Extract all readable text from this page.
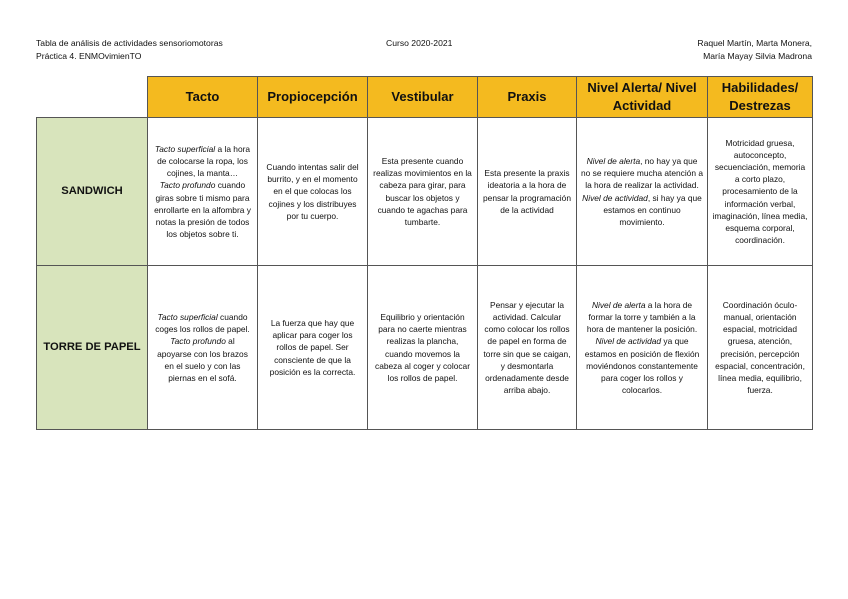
Tabla de análisis de actividades sensoriomotoras
Práctica 4. ENMOvimienTO
Curso 2020-2021	Raquel Martín, Marta Monera,
María Mayay Silvia Madrona
	Tacto	Propiocepción	Vestibular	Praxis	Nivel Alerta/ Nivel Actividad	Habilidades/ Destrezas
SANDWICH	Tacto superficial a la hora de colocarse la ropa, los cojines, la manta…
Tacto profundo cuando giras sobre ti mismo para enrollarte en la alfombra y notas la presión de todos los objetos sobre ti.	Cuando intentas salir del burrito, y en el momento en el que colocas los cojines y los distribuyes por tu cuerpo.	Esta presente cuando realizas movimientos en la cabeza para girar, para buscar los objetos y cuando te agachas para tumbarte.	Esta presente la praxis ideatoria a la hora de pensar la programación de la actividad	Nivel de alerta, no hay ya que no se requiere mucha atención a la hora de realizar la actividad. Nivel de actividad, si hay ya que estamos en continuo movimiento.	Motricidad gruesa, autoconcepto, secuenciación, memoria a corto plazo, procesamiento de la información verbal, imaginación, línea media, esquema corporal, coordinación.
TORRE DE PAPEL	Tacto superficial cuando coges los rollos de papel.
Tacto profundo al apoyarse con los brazos en el suelo y con las piernas en el sofá.	La fuerza que hay que aplicar para coger los rollos de papel. Ser consciente de que la posición es la correcta.	Equilibrio y orientación para no caerte mientras realizas la plancha, cuando movemos la cabeza al coger y colocar los rollos de papel.	Pensar y ejecutar la actividad. Calcular como colocar los rollos de papel en forma de torre sin que se caigan, y desmontarla ordenadamente desde arriba abajo.	Nivel de alerta a la hora de formar la torre y también a la hora de mantener la posición. Nivel de actividad ya que estamos en posición de flexión moviéndonos constantemente para coger los rollos y colocarlos.	Coordinación óculo-manual, orientación espacial, motricidad gruesa, atención, precisión, percepción espacial, concentración, línea media, equilibrio, fuerza.
